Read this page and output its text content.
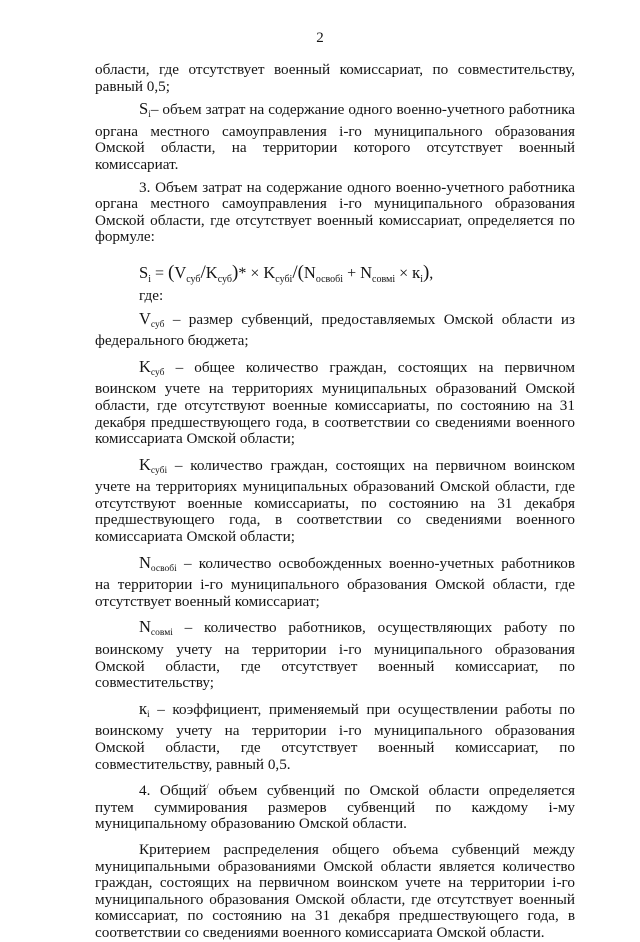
2

области, где отсутствует военный комиссариат, по совместительству, равный 0,5;

$S_i-$ объем затрат на содержание одного военно-учетного работника органа местного самоуправления i-го муниципального образования Омской области, на территории которого отсутствует военный комиссариат.

3. Объем затрат на содержание одного военно-учетного работника органа местного самоуправления i-го муниципального образования Омской области, где отсутствует военный комиссариат, определяется по формуле:

$S_i = (V_{суб}/K_{суб})* \times K_{субi}/(N_{освобi} + N_{совмi} \times к_i)$,

где:

$V_{суб}$ – размер субвенций, предоставляемых Омской области из федерального бюджета;

$K_{суб}$ – общее количество граждан, состоящих на первичном воинском учете на территориях муниципальных образований Омской области, где отсутствуют военные комиссариаты, по состоянию на 31 декабря предшествующего года, в соответствии со сведениями военного комиссариата Омской области;

$K_{субi}$ – количество граждан, состоящих на первичном воинском учете на территориях муниципальных образований Омской области, где отсутствуют военные комиссариаты, по состоянию на 31 декабря предшествующего года, в соответствии со сведениями военного комиссариата Омской области;

$N_{освобi}$ – количество освобожденных военно-учетных работников на территории i-го муниципального образования Омской области, где отсутствует военный комиссариат;

$N_{совмi}$ – количество работников, осуществляющих работу по воинскому учету на территории i-го муниципального образования Омской области, где отсутствует военный комиссариат, по совместительству;

$к_i$ – коэффициент, применяемый при осуществлении работы по воинскому учету на территории i-го муниципального образования Омской области, где отсутствует военный комиссариат, по совместительству, равный 0,5.

4. Общий/ объем субвенций по Омской области определяется путем суммирования размеров субвенций по каждому i-му муниципальному образованию Омской области.

Критерием распределения общего объема субвенций между муниципальными образованиями Омской области является количество граждан, состоящих на первичном воинском учете на территории i-го муниципального образования Омской области, где отсутствует военный комиссариат, по состоянию на 31 декабря предшествующего года, в соответствии со сведениями военного комиссариата Омской области.
